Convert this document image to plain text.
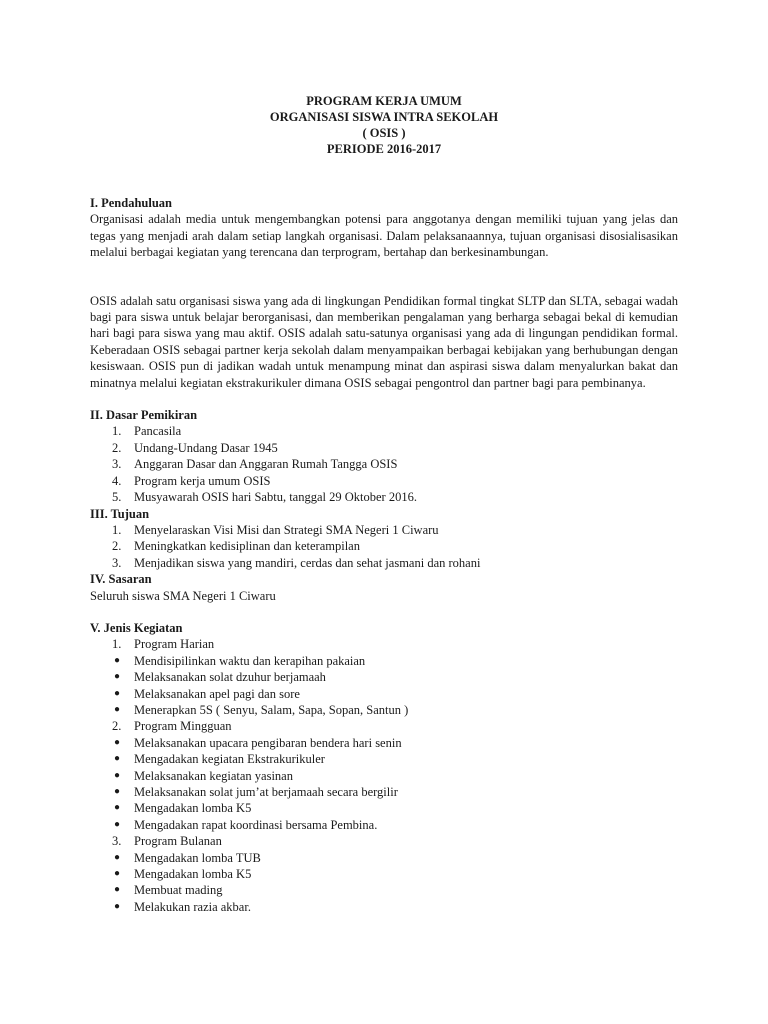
PROGRAM KERJA UMUM
ORGANISASI SISWA INTRA SEKOLAH
( OSIS )
PERIODE 2016-2017
I. Pendahuluan
Organisasi adalah media untuk mengembangkan potensi para anggotanya dengan memiliki tujuan yang jelas dan tegas yang menjadi arah dalam setiap langkah organisasi. Dalam pelaksanaannya, tujuan organisasi disosialisasikan melalui berbagai kegiatan yang terencana dan terprogram, bertahap dan berkesinambungan.
OSIS adalah satu organisasi siswa yang ada di lingkungan Pendidikan formal tingkat SLTP dan SLTA, sebagai wadah bagi para siswa untuk belajar berorganisasi, dan memberikan pengalaman yang berharga sebagai bekal di kemudian hari bagi para siswa yang mau aktif. OSIS adalah satu-satunya organisasi yang ada di lingungan pendidikan formal. Keberadaan OSIS sebagai partner kerja sekolah dalam menyampaikan berbagai kebijakan yang berhubungan dengan kesiswaan. OSIS pun di jadikan wadah untuk menampung minat dan aspirasi siswa dalam menyalurkan bakat dan minatnya melalui kegiatan ekstrakurikuler dimana OSIS sebagai pengontrol dan partner bagi para pembinanya.
II. Dasar Pemikiran
1.	Pancasila
2.	Undang-Undang Dasar 1945
3.	Anggaran Dasar dan Anggaran Rumah Tangga OSIS
4.	Program kerja umum OSIS
5.	Musyawarah OSIS hari Sabtu, tanggal 29 Oktober 2016.
III. Tujuan
1.	Menyelaraskan Visi Misi dan Strategi SMA Negeri 1 Ciwaru
2.	Meningkatkan kedisiplinan dan keterampilan
3.	Menjadikan siswa yang mandiri, cerdas dan sehat jasmani dan rohani
IV. Sasaran
Seluruh siswa SMA Negeri 1 Ciwaru
V. Jenis Kegiatan
1.	Program Harian
●
Mendisipilinkan waktu dan kerapihan pakaian
●
Melaksanakan solat dzuhur berjamaah
●
Melaksanakan apel pagi dan sore
●
Menerapkan 5S ( Senyu, Salam, Sapa, Sopan, Santun )
2.	Program Mingguan
●
Melaksanakan upacara pengibaran bendera hari senin
●
Mengadakan kegiatan Ekstrakurikuler
●
Melaksanakan kegiatan yasinan
●
Melaksanakan solat jum’at berjamaah secara bergilir
●
Mengadakan lomba K5
●
Mengadakan rapat koordinasi bersama Pembina.
3.	Program Bulanan
●
Mengadakan lomba TUB
●
Mengadakan lomba K5
●
Membuat mading
●
Melakukan razia akbar.
